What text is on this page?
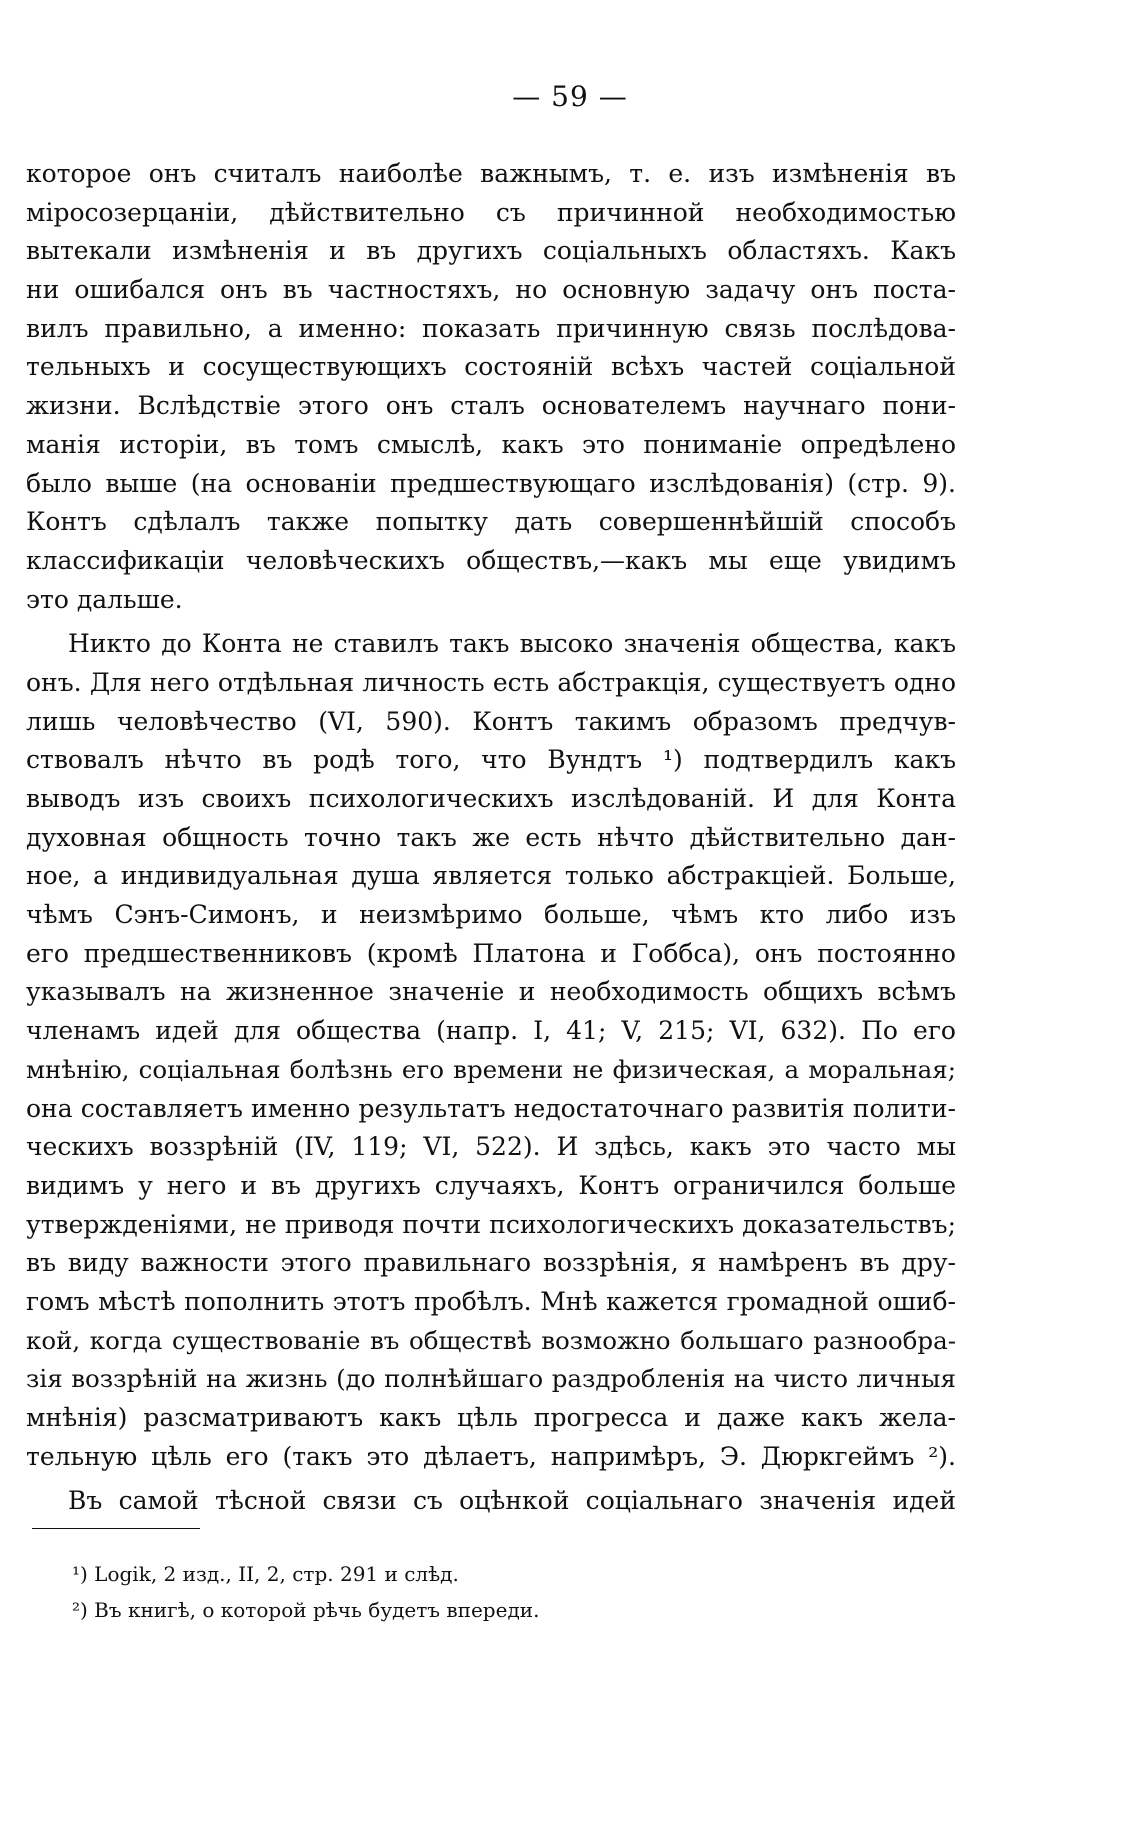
— 59 —
которое онъ считалъ наиболѣе важнымъ, т. е. изъ измѣненія въ
міросозерцаніи, дѣйствительно съ причинной необходимостью
вытекали измѣненія и въ другихъ соціальныхъ областяхъ. Какъ
ни ошибался онъ въ частностяхъ, но основную задачу онъ поста-
вилъ правильно, а именно: показать причинную связь послѣдова-
тельныхъ и сосуществующихъ состояній всѣхъ частей соціальной
жизни. Вслѣдствіе этого онъ сталъ основателемъ научнаго пони-
манія исторіи, въ томъ смыслѣ, какъ это пониманіе опредѣлено
было выше (на основаніи предшествующаго изслѣдованія) (стр. 9).
Контъ сдѣлалъ также попытку дать совершеннѣйшій способъ
классификаціи человѣческихъ обществъ,—какъ мы еще увидимъ
это дальше.
Никто до Конта не ставилъ такъ высоко значенія общества, какъ
онъ. Для него отдѣльная личность есть абстракція, существуетъ одно
лишь человѣчество (VI, 590). Контъ такимъ образомъ предчув-
ствовалъ нѣчто въ родѣ того, что Вундтъ ¹) подтвердилъ какъ
выводъ изъ своихъ психологическихъ изслѣдованій. И для Конта
духовная общность точно такъ же есть нѣчто дѣйствительно дан-
ное, а индивидуальная душа является только абстракціей. Больше,
чѣмъ Сэнъ-Симонъ, и неизмѣримо больше, чѣмъ кто либо изъ
его предшественниковъ (кромѣ Платона и Гоббса), онъ постоянно
указывалъ на жизненное значеніе и необходимость общихъ всѣмъ
членамъ идей для общества (напр. I, 41; V, 215; VI, 632). По его
мнѣнію, соціальная болѣзнь его времени не физическая, а моральная;
она составляетъ именно результатъ недостаточнаго развитія полити-
ческихъ воззрѣній (IV, 119; VI, 522). И здѣсь, какъ это часто мы
видимъ у него и въ другихъ случаяхъ, Контъ ограничился больше
утвержденіями, не приводя почти психологическихъ доказательствъ;
въ виду важности этого правильнаго воззрѣнія, я намѣренъ въ дру-
гомъ мѣстѣ пополнить этотъ пробѣлъ. Мнѣ кажется громадной ошиб-
кой, когда существованіе въ обществѣ возможно большаго разнообра-
зія воззрѣній на жизнь (до полнѣйшаго раздробленія на чисто личныя
мнѣнія) разсматриваютъ какъ цѣль прогресса и даже какъ жела-
тельную цѣль его (такъ это дѣлаетъ, напримѣръ, Э. Дюркгеймъ ²).
Въ самой тѣсной связи съ оцѣнкой соціальнаго значенія идей
¹) Logik, 2 изд., II, 2, стр. 291 и слѣд.
²) Въ книгѣ, о которой рѣчь будетъ впереди.
